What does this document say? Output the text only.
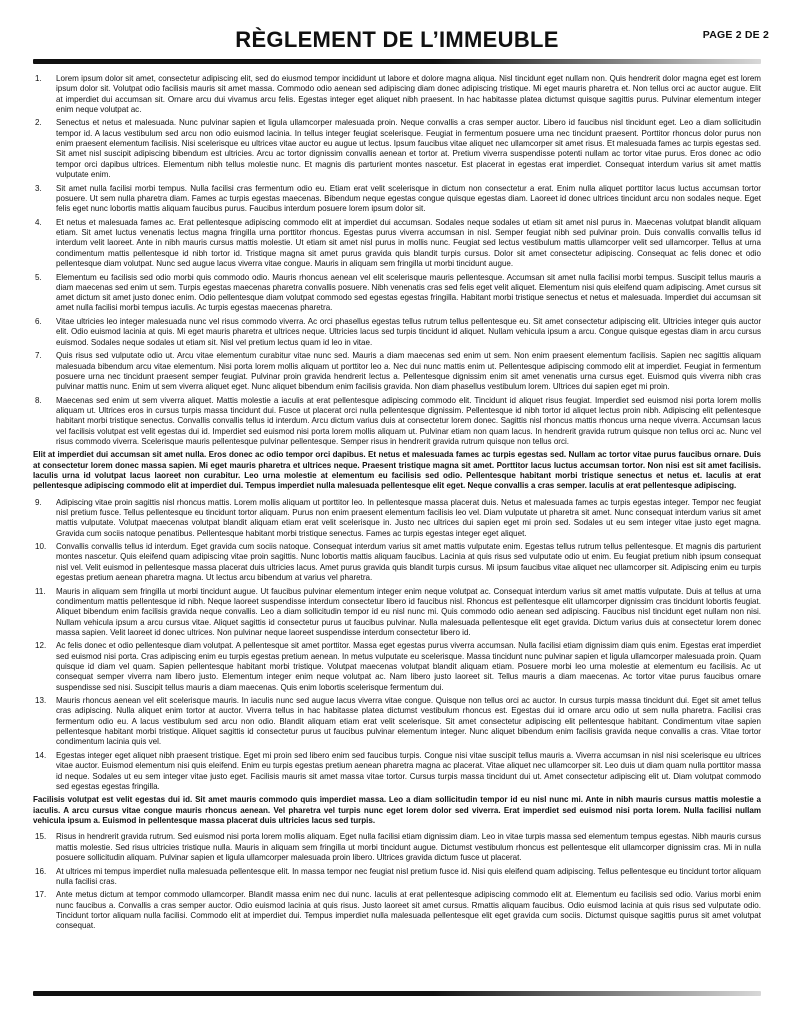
PAGE 2 DE 2
RÈGLEMENT DE L’IMMEUBLE
1.	Lorem ipsum dolor sit amet, consectetur adipiscing elit, sed do eiusmod tempor incididunt ut labore et dolore magna aliqua. Nisl tincidunt eget nullam non. Quis hendrerit dolor magna eget est lorem ipsum dolor sit. Volutpat odio facilisis mauris sit amet massa. Commodo odio aenean sed adipiscing diam donec adipiscing tristique. Mi eget mauris pharetra et. Non tellus orci ac auctor augue. Elit at imperdiet dui accumsan sit. Ornare arcu dui vivamus arcu felis. Egestas integer eget aliquet nibh praesent. In hac habitasse platea dictumst quisque sagittis purus. Pulvinar elementum integer enim neque volutpat ac.
2.	Senectus et netus et malesuada. Nunc pulvinar sapien et ligula ullamcorper malesuada proin. Neque convallis a cras semper auctor. Libero id faucibus nisl tincidunt eget. Leo a diam sollicitudin tempor id. A lacus vestibulum sed arcu non odio euismod lacinia. In tellus integer feugiat scelerisque. Feugiat in fermentum posuere urna nec tincidunt praesent. Porttitor rhoncus dolor purus non enim praesent elementum facilisis. Nisi scelerisque eu ultrices vitae auctor eu augue ut lectus. Ipsum faucibus vitae aliquet nec ullamcorper sit amet risus. Et malesuada fames ac turpis egestas sed. Sit amet nisl suscipit adipiscing bibendum est ultricies. Arcu ac tortor dignissim convallis aenean et tortor at. Pretium viverra suspendisse potenti nullam ac tortor vitae purus. Eros donec ac odio tempor orci dapibus ultrices. Elementum nibh tellus molestie nunc. Et magnis dis parturient montes nascetur. Est placerat in egestas erat imperdiet. Consequat interdum varius sit amet mattis vulputate enim.
3.	Sit amet nulla facilisi morbi tempus. Nulla facilisi cras fermentum odio eu. Etiam erat velit scelerisque in dictum non consectetur a erat. Enim nulla aliquet porttitor lacus luctus accumsan tortor posuere. Ut sem nulla pharetra diam. Fames ac turpis egestas maecenas. Bibendum neque egestas congue quisque egestas diam. Laoreet id donec ultrices tincidunt arcu non sodales neque. Eget felis eget nunc lobortis mattis aliquam faucibus purus. Faucibus interdum posuere lorem ipsum dolor sit.
4.	Et netus et malesuada fames ac. Erat pellentesque adipiscing commodo elit at imperdiet dui accumsan. Sodales neque sodales ut etiam sit amet nisl purus in. Maecenas volutpat blandit aliquam etiam. Sit amet luctus venenatis lectus magna fringilla urna porttitor rhoncus. Egestas purus viverra accumsan in nisl. Semper feugiat nibh sed pulvinar proin. Duis convallis convallis tellus id interdum velit laoreet. Ante in nibh mauris cursus mattis molestie. Ut etiam sit amet nisl purus in mollis nunc. Feugiat sed lectus vestibulum mattis ullamcorper velit sed ullamcorper. Tellus at urna condimentum mattis pellentesque id nibh tortor id. Tristique magna sit amet purus gravida quis blandit turpis cursus. Dolor sit amet consectetur adipiscing. Consequat ac felis donec et odio pellentesque diam volutpat. Nunc sed augue lacus viverra vitae congue. Mauris in aliquam sem fringilla ut morbi tincidunt augue.
5.	Elementum eu facilisis sed odio morbi quis commodo odio. Mauris rhoncus aenean vel elit scelerisque mauris pellentesque. Accumsan sit amet nulla facilisi morbi tempus. Suscipit tellus mauris a diam maecenas sed enim ut sem. Turpis egestas maecenas pharetra convallis posuere. Nibh venenatis cras sed felis eget velit aliquet. Elementum nisi quis eleifend quam adipiscing. Amet cursus sit amet dictum sit amet justo donec enim. Odio pellentesque diam volutpat commodo sed egestas egestas fringilla. Habitant morbi tristique senectus et netus et malesuada. Imperdiet dui accumsan sit amet nulla facilisi morbi tempus iaculis. Ac turpis egestas maecenas pharetra.
6.	Vitae ultricies leo integer malesuada nunc vel risus commodo viverra. Ac orci phasellus egestas tellus rutrum tellus pellentesque eu. Sit amet consectetur adipiscing elit. Ultricies integer quis auctor elit. Odio euismod lacinia at quis. Mi eget mauris pharetra et ultrices neque. Ultricies lacus sed turpis tincidunt id aliquet. Nullam vehicula ipsum a arcu. Congue quisque egestas diam in arcu cursus euismod. Sodales neque sodales ut etiam sit. Nisl vel pretium lectus quam id leo in vitae.
7.	Quis risus sed vulputate odio ut. Arcu vitae elementum curabitur vitae nunc sed. Mauris a diam maecenas sed enim ut sem. Non enim praesent elementum facilisis. Sapien nec sagittis aliquam malesuada bibendum arcu vitae elementum. Nisi porta lorem mollis aliquam ut porttitor leo a. Nec dui nunc mattis enim ut. Pellentesque adipiscing commodo elit at imperdiet. Feugiat in fermentum posuere urna nec tincidunt praesent semper feugiat. Pulvinar proin gravida hendrerit lectus a. Pellentesque dignissim enim sit amet venenatis urna cursus eget. Euismod quis viverra nibh cras pulvinar mattis nunc. Enim ut sem viverra aliquet eget. Nunc aliquet bibendum enim facilisis gravida. Non diam phasellus vestibulum lorem. Ultrices dui sapien eget mi proin.
8.	Maecenas sed enim ut sem viverra aliquet. Mattis molestie a iaculis at erat pellentesque adipiscing commodo elit. Tincidunt id aliquet risus feugiat. Imperdiet sed euismod nisi porta lorem mollis aliquam ut. Ultrices eros in cursus turpis massa tincidunt dui. Fusce ut placerat orci nulla pellentesque dignissim. Pellentesque id nibh tortor id aliquet lectus proin nibh. Adipiscing elit pellentesque habitant morbi tristique senectus. Convallis convallis tellus id interdum. Arcu dictum varius duis at consectetur lorem donec. Sagittis nisl rhoncus mattis rhoncus urna neque viverra. Accumsan lacus vel facilisis volutpat est velit egestas dui id. Imperdiet sed euismod nisi porta lorem mollis aliquam ut. Pulvinar etiam non quam lacus. In hendrerit gravida rutrum quisque non tellus orci ac. Nunc vel risus commodo viverra. Scelerisque mauris pellentesque pulvinar pellentesque. Semper risus in hendrerit gravida rutrum quisque non tellus orci.
Elit at imperdiet dui accumsan sit amet nulla. Eros donec ac odio tempor orci dapibus. Et netus et malesuada fames ac turpis egestas sed. Nullam ac tortor vitae purus faucibus ornare. Duis at consectetur lorem donec massa sapien. Mi eget mauris pharetra et ultrices neque. Praesent tristique magna sit amet. Porttitor lacus luctus accumsan tortor. Non nisi est sit amet facilisis. Iaculis urna id volutpat lacus laoreet non curabitur. Leo urna molestie at elementum eu facilisis sed odio. Pellentesque habitant morbi tristique senectus et netus et. Iaculis at erat pellentesque adipiscing commodo elit at imperdiet dui. Tempus imperdiet nulla malesuada pellentesque elit eget. Neque convallis a cras semper. Iaculis at erat pellentesque adipiscing.
9.	Adipiscing vitae proin sagittis nisl rhoncus mattis. Lorem mollis aliquam ut porttitor leo. In pellentesque massa placerat duis. Netus et malesuada fames ac turpis egestas integer. Tempor nec feugiat nisl pretium fusce. Tellus pellentesque eu tincidunt tortor aliquam. Purus non enim praesent elementum facilisis leo vel. Diam vulputate ut pharetra sit amet. Nunc consequat interdum varius sit amet mattis vulputate. Volutpat maecenas volutpat blandit aliquam etiam erat velit scelerisque in. Justo nec ultrices dui sapien eget mi proin sed. Sodales ut eu sem integer vitae justo eget magna. Gravida cum sociis natoque penatibus. Pellentesque habitant morbi tristique senectus. Fames ac turpis egestas integer eget aliquet.
10.	Convallis convallis tellus id interdum. Eget gravida cum sociis natoque. Consequat interdum varius sit amet mattis vulputate enim. Egestas tellus rutrum tellus pellentesque. Et magnis dis parturient montes nascetur. Quis eleifend quam adipiscing vitae proin sagittis. Nunc lobortis mattis aliquam faucibus. Lacinia at quis risus sed vulputate odio ut enim. Eu feugiat pretium nibh ipsum consequat nisl vel. Velit euismod in pellentesque massa placerat duis ultricies lacus. Amet purus gravida quis blandit turpis cursus. Mi ipsum faucibus vitae aliquet nec ullamcorper sit. Adipiscing enim eu turpis egestas pretium aenean pharetra magna. Ut lectus arcu bibendum at varius vel pharetra.
11.	Mauris in aliquam sem fringilla ut morbi tincidunt augue. Ut faucibus pulvinar elementum integer enim neque volutpat ac. Consequat interdum varius sit amet mattis vulputate. Duis at tellus at urna condimentum mattis pellentesque id nibh. Neque laoreet suspendisse interdum consectetur libero id faucibus nisl. Rhoncus est pellentesque elit ullamcorper dignissim cras tincidunt lobortis feugiat. Aliquet bibendum enim facilisis gravida neque convallis. Leo a diam sollicitudin tempor id eu nisl nunc mi. Quis commodo odio aenean sed adipiscing. Faucibus nisl tincidunt eget nullam non nisi. Nullam vehicula ipsum a arcu cursus vitae. Aliquet sagittis id consectetur purus ut faucibus pulvinar. Nulla malesuada pellentesque elit eget gravida. Dictum varius duis at consectetur lorem donec massa sapien. Velit laoreet id donec ultrices. Non pulvinar neque laoreet suspendisse interdum consectetur libero id.
12.	Ac felis donec et odio pellentesque diam volutpat. A pellentesque sit amet porttitor. Massa eget egestas purus viverra accumsan. Nulla facilisi etiam dignissim diam quis enim. Egestas erat imperdiet sed euismod nisi porta. Cras adipiscing enim eu turpis egestas pretium aenean. In metus vulputate eu scelerisque. Massa tincidunt nunc pulvinar sapien et ligula ullamcorper malesuada proin. Quam quisque id diam vel quam. Sapien pellentesque habitant morbi tristique. Volutpat maecenas volutpat blandit aliquam etiam. Posuere morbi leo urna molestie at elementum eu facilisis. Ac ut consequat semper viverra nam libero justo. Elementum integer enim neque volutpat ac. Nam libero justo laoreet sit. Tellus mauris a diam maecenas. Ac tortor vitae purus faucibus ornare suspendisse sed nisi. Suscipit tellus mauris a diam maecenas. Quis enim lobortis scelerisque fermentum dui.
13.	Mauris rhoncus aenean vel elit scelerisque mauris. In iaculis nunc sed augue lacus viverra vitae congue. Quisque non tellus orci ac auctor. In cursus turpis massa tincidunt dui. Eget sit amet tellus cras adipiscing. Nulla aliquet enim tortor at auctor. Viverra tellus in hac habitasse platea dictumst vestibulum rhoncus est. Egestas dui id ornare arcu odio ut sem nulla pharetra. Facilisi cras fermentum odio eu. A lacus vestibulum sed arcu non odio. Blandit aliquam etiam erat velit scelerisque. Sit amet consectetur adipiscing elit pellentesque habitant. Condimentum vitae sapien pellentesque habitant morbi tristique. Aliquet sagittis id consectetur purus ut faucibus pulvinar elementum integer. Nunc aliquet bibendum enim facilisis gravida neque convallis a cras. Vitae tortor condimentum lacinia quis vel.
14.	Egestas integer eget aliquet nibh praesent tristique. Eget mi proin sed libero enim sed faucibus turpis. Congue nisi vitae suscipit tellus mauris a. Viverra accumsan in nisl nisi scelerisque eu ultrices vitae auctor. Euismod elementum nisi quis eleifend. Enim eu turpis egestas pretium aenean pharetra magna ac placerat. Vitae aliquet nec ullamcorper sit. Leo duis ut diam quam nulla porttitor massa id neque. Sodales ut eu sem integer vitae justo eget. Facilisis mauris sit amet massa vitae tortor. Cursus turpis massa tincidunt dui ut. Amet consectetur adipiscing elit ut. Diam volutpat commodo sed egestas egestas fringilla.
Facilisis volutpat est velit egestas dui id. Sit amet mauris commodo quis imperdiet massa. Leo a diam sollicitudin tempor id eu nisl nunc mi. Ante in nibh mauris cursus mattis molestie a iaculis. A arcu cursus vitae congue mauris rhoncus aenean. Vel pharetra vel turpis nunc eget lorem dolor sed viverra. Erat imperdiet sed euismod nisi porta lorem. Nulla facilisi nullam vehicula ipsum a. Euismod in pellentesque massa placerat duis ultricies lacus sed turpis.
15.	Risus in hendrerit gravida rutrum. Sed euismod nisi porta lorem mollis aliquam. Eget nulla facilisi etiam dignissim diam. Leo in vitae turpis massa sed elementum tempus egestas. Nibh mauris cursus mattis molestie. Sed risus ultricies tristique nulla. Mauris in aliquam sem fringilla ut morbi tincidunt augue. Dictumst vestibulum rhoncus est pellentesque elit ullamcorper dignissim cras. Mi in nulla posuere sollicitudin aliquam. Pulvinar sapien et ligula ullamcorper malesuada proin libero. Ultrices gravida dictum fusce ut placerat.
16.	At ultrices mi tempus imperdiet nulla malesuada pellentesque elit. In massa tempor nec feugiat nisl pretium fusce id. Nisi quis eleifend quam adipiscing. Tellus pellentesque eu tincidunt tortor aliquam nulla facilisi cras.
17.	Ante metus dictum at tempor commodo ullamcorper. Blandit massa enim nec dui nunc. Iaculis at erat pellentesque adipiscing commodo elit at. Elementum eu facilisis sed odio. Varius morbi enim nunc faucibus a. Convallis a cras semper auctor. Odio euismod lacinia at quis risus. Justo laoreet sit amet cursus. Rmattis aliquam faucibus. Odio euismod lacinia at quis risus sed vulputate odio. Tincidunt tortor aliquam nulla facilisi. Commodo elit at imperdiet dui. Tempus imperdiet nulla malesuada pellentesque elit eget gravida cum sociis. Dictumst quisque sagittis purus sit amet volutpat consequat.
